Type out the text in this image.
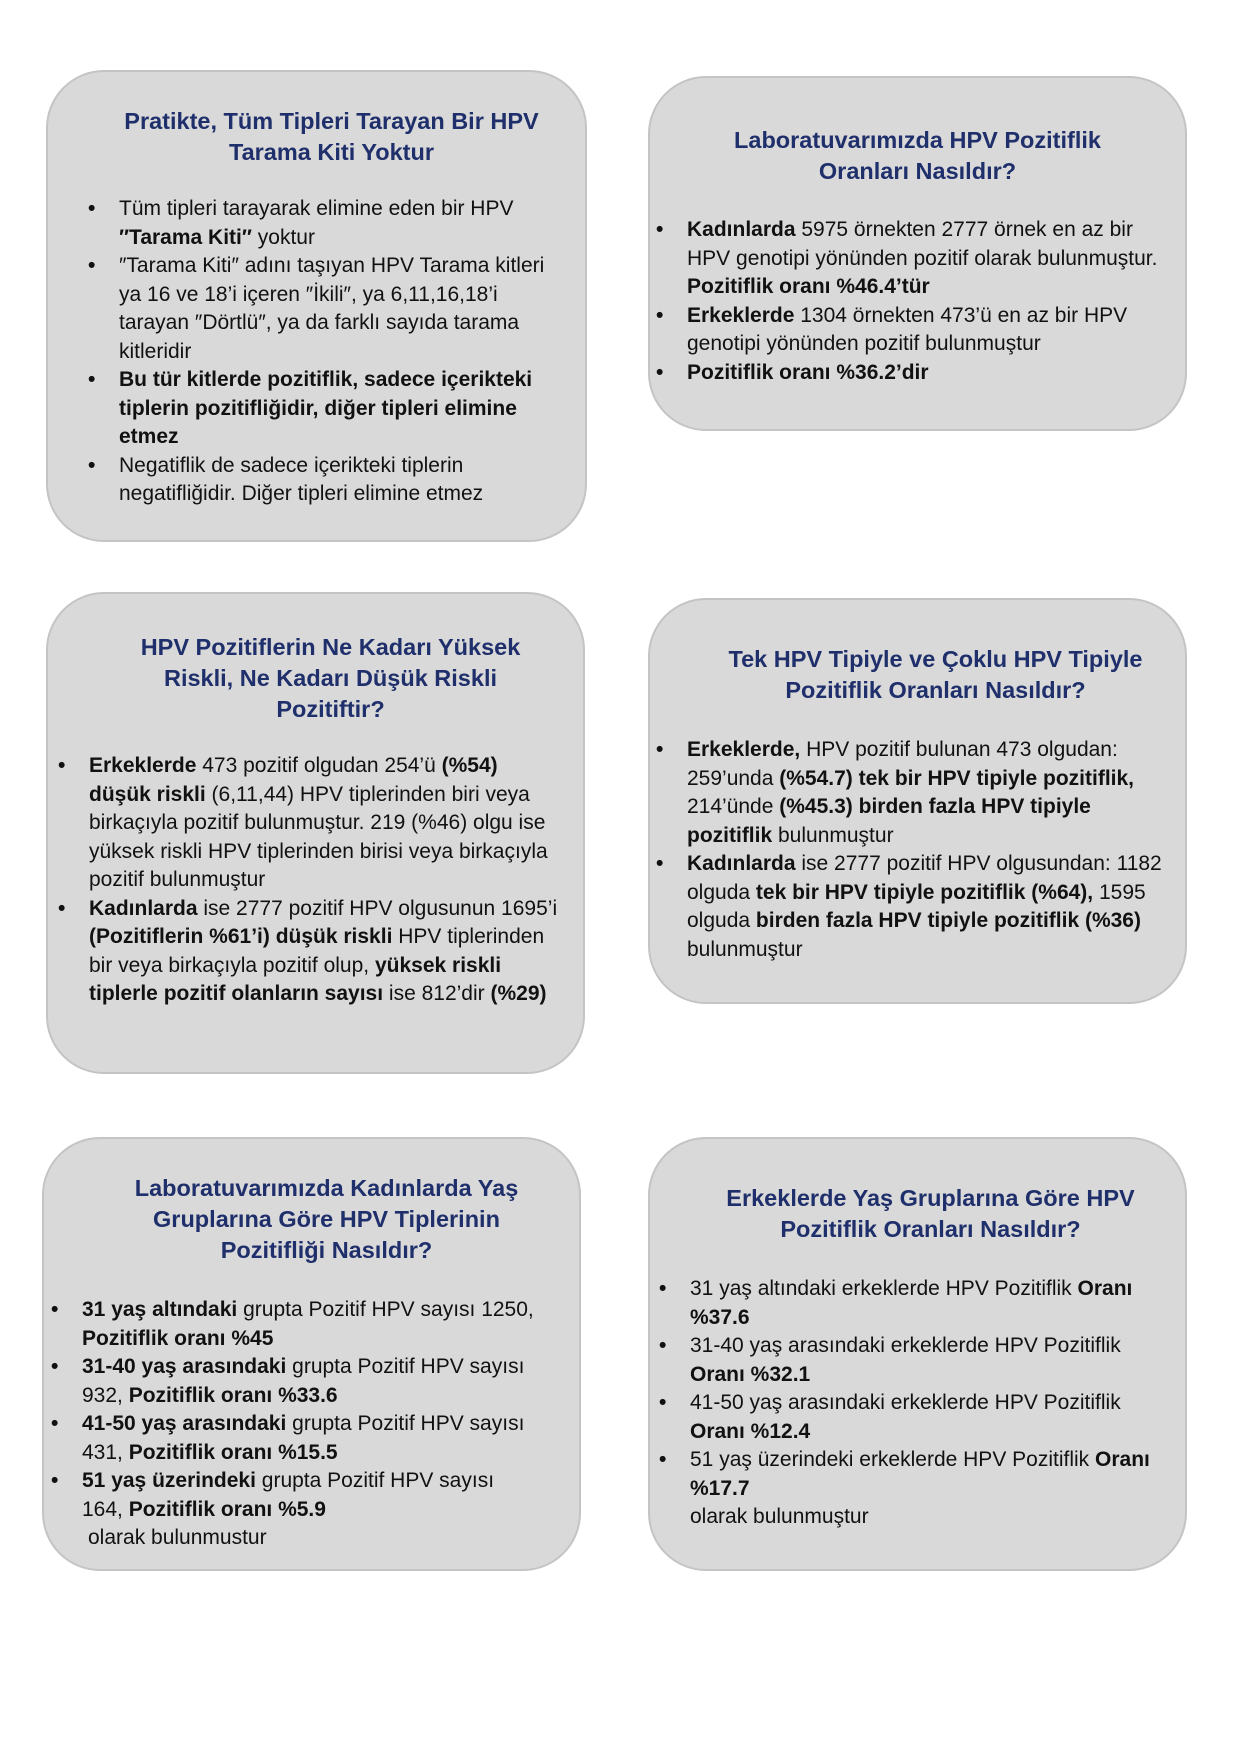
Pratikte, Tüm Tipleri Tarayan Bir HPV Tarama Kiti Yoktur
• Tüm tipleri tarayarak elimine eden bir HPV ″Tarama Kiti″ yoktur
• ″Tarama Kiti″ adını taşıyan HPV Tarama kitleri ya 16 ve 18’i içeren ″İkili″, ya 6,11,16,18’i tarayan ″Dörtlü″, ya da farklı sayıda tarama kitleridir
• Bu tür kitlerde pozitiflik, sadece içerikteki tiplerin pozitifliğidir, diğer tipleri elimine etmez
• Negatiflik de sadece içerikteki tiplerin negatifliğidir. Diğer tipleri elimine etmez
Laboratuvarımızda HPV Pozitiflik Oranları Nasıldır?
• Kadınlarda 5975 örnekten 2777 örnek en az bir HPV genotipi yönünden pozitif olarak bulunmuştur. Pozitiflik oranı %46.4’tür
• Erkeklerde 1304 örnekten 473’ü en az bir HPV genotipi yönünden pozitif bulunmuştur
• Pozitiflik oranı %36.2’dir
HPV Pozitiflerin Ne Kadarı Yüksek Riskli, Ne Kadarı Düşük Riskli Pozitiftir?
• Erkeklerde 473 pozitif olgudan 254’ü (%54) düşük riskli (6,11,44) HPV tiplerinden biri veya birkaçıyla pozitif bulunmuştur. 219 (%46) olgu ise yüksek riskli HPV tiplerinden birisi veya birkaçıyla pozitif bulunmuştur
• Kadınlarda ise 2777 pozitif HPV olgusunun 1695’i (Pozitiflerin %61’i) düşük riskli HPV tiplerinden bir veya birkaçıyla pozitif olup, yüksek riskli tiplerle pozitif olanların sayısı ise 812’dir (%29)
Tek HPV Tipiyle ve Çoklu HPV Tipiyle Pozitiflik Oranları Nasıldır?
• Erkeklerde, HPV pozitif bulunan 473 olgudan: 259’unda (%54.7) tek bir HPV tipiyle pozitiflik, 214’ünde (%45.3) birden fazla HPV tipiyle pozitiflik bulunmuştur
• Kadınlarda ise 2777 pozitif HPV olgusundan: 1182 olguda tek bir HPV tipiyle pozitiflik (%64), 1595 olguda birden fazla HPV tipiyle pozitiflik (%36) bulunmuştur
Laboratuvarımızda Kadınlarda Yaş Gruplarına Göre HPV Tiplerinin Pozitifliği Nasıldır?
• 31 yaş altındaki grupta Pozitif HPV sayısı 1250, Pozitiflik oranı %45
• 31-40 yaş arasındaki grupta Pozitif HPV sayısı 932, Pozitiflik oranı %33.6
• 41-50 yaş arasındaki grupta Pozitif HPV sayısı 431, Pozitiflik oranı %15.5
• 51 yaş üzerindeki grupta Pozitif HPV sayısı 164, Pozitiflik oranı %5.9
olarak bulunmustur
Erkeklerde Yaş Gruplarına Göre HPV Pozitiflik Oranları Nasıldır?
• 31 yaş altındaki erkeklerde HPV Pozitiflik Oranı %37.6
• 31-40 yaş arasındaki erkeklerde HPV Pozitiflik Oranı %32.1
• 41-50 yaş arasındaki erkeklerde HPV Pozitiflik Oranı %12.4
• 51 yaş üzerindeki erkeklerde HPV Pozitiflik Oranı %17.7
olarak bulunmuştur
